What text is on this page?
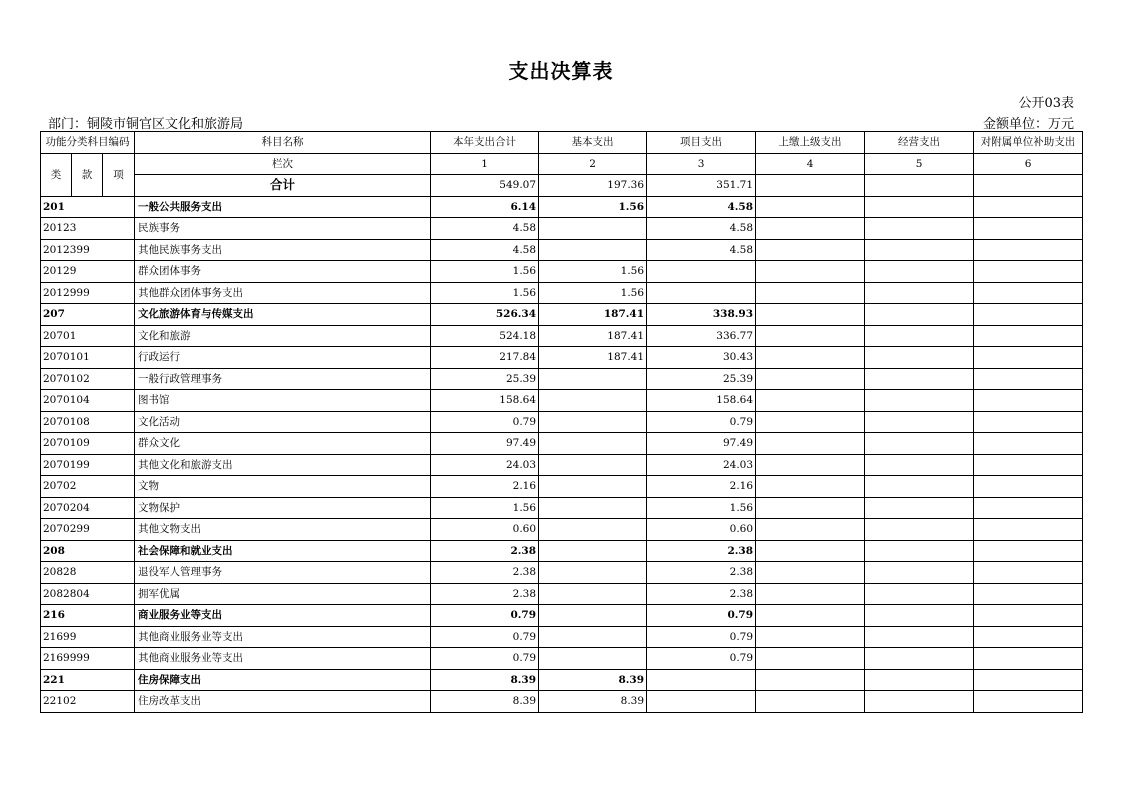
支出决算表
公开03表
部门：铜陵市铜官区文化和旅游局	金额单位：万元
功能分类科目编码			科目名称	本年支出合计	基本支出	项目支出	上缴上级支出	经营支出	对附属单位补助支出

类	款	项	栏次	1	2	3	4	5	6
			合计	549.07	197.36	351.71			
201			一般公共服务支出	6.14	1.56	4.58			
20123			民族事务	4.58		4.58			
2012399			其他民族事务支出	4.58		4.58			
20129			群众团体事务	1.56	1.56				
2012999			其他群众团体事务支出	1.56	1.56				
207			文化旅游体育与传媒支出	526.34	187.41	338.93			
20701			文化和旅游	524.18	187.41	336.77			
2070101			行政运行	217.84	187.41	30.43			
2070102			一般行政管理事务	25.39		25.39			
2070104			图书馆	158.64		158.64			
2070108			文化活动	0.79		0.79			
2070109			群众文化	97.49		97.49			
2070199			其他文化和旅游支出	24.03		24.03			
20702			文物	2.16		2.16			
2070204			文物保护	1.56		1.56			
2070299			其他文物支出	0.60		0.60			
208			社会保障和就业支出	2.38		2.38			
20828			退役军人管理事务	2.38		2.38			
2082804			拥军优属	2.38		2.38			
216			商业服务业等支出	0.79		0.79			
21699			其他商业服务业等支出	0.79		0.79			
2169999			其他商业服务业等支出	0.79		0.79			
221			住房保障支出	8.39	8.39				
22102			住房改革支出	8.39	8.39				
